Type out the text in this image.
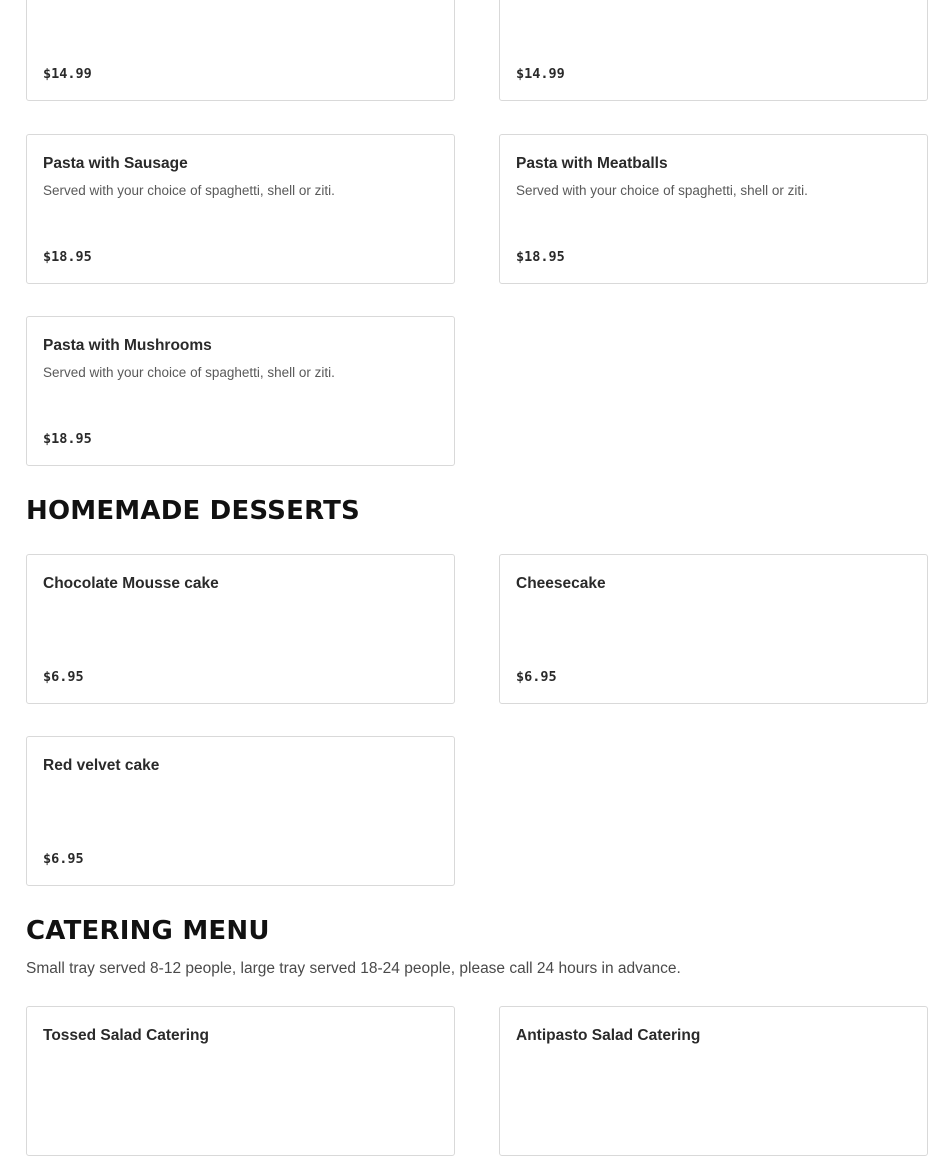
$14.99	$14.99
Pasta with Sausage
Served with your choice of spaghetti, shell or ziti.
$18.95
Pasta with Meatballs
Served with your choice of spaghetti, shell or ziti.
$18.95
Pasta with Mushrooms
Served with your choice of spaghetti, shell or ziti.
$18.95
HOMEMADE DESSERTS
Chocolate Mousse cake
$6.95
Cheesecake
$6.95
Red velvet cake
$6.95
CATERING MENU

Small tray served 8-12 people, large tray served 18-24 people, please call 24 hours in advance.

Tossed Salad Catering	Antipasto Salad Catering
